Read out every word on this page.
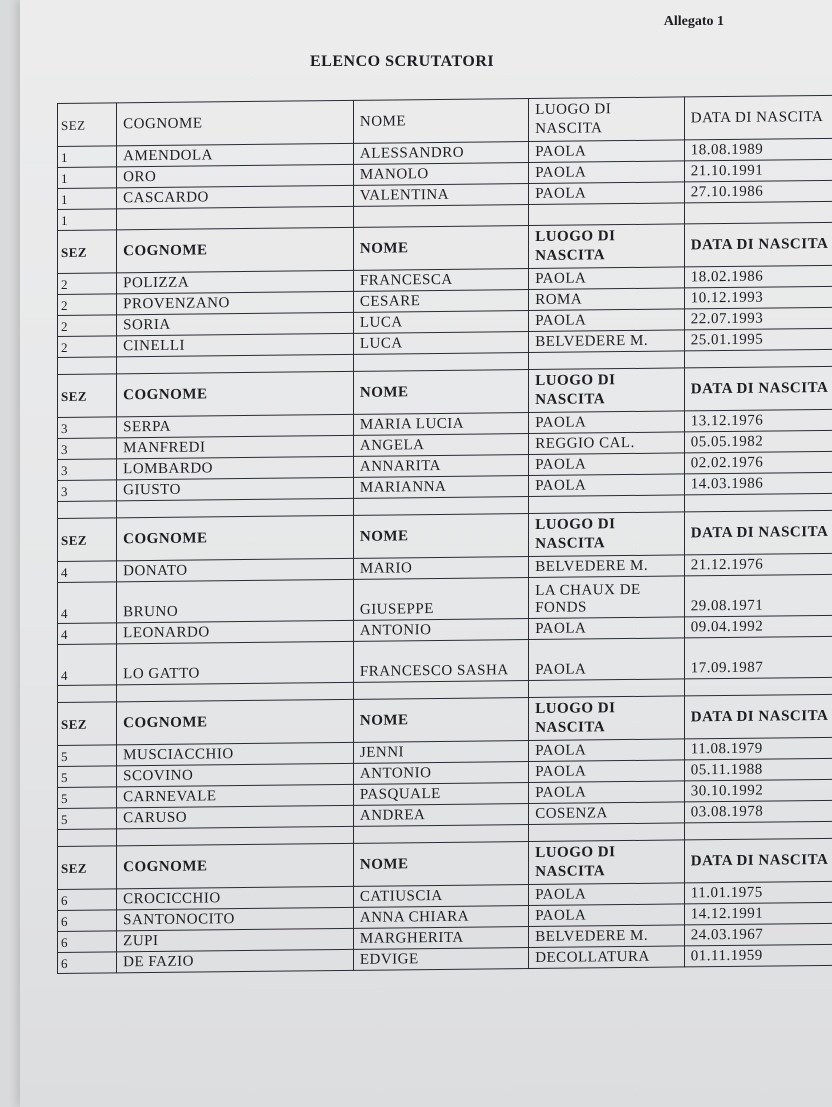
Allegato 1
ELENCO SCRUTATORI
SEZ	COGNOME	NOME	LUOGO DI NASCITA	DATA DI NASCITA
1	AMENDOLA	ALESSANDRO	PAOLA	18.08.1989
1	ORO	MANOLO	PAOLA	21.10.1991
1	CASCARDO	VALENTINA	PAOLA	27.10.1986
1				
SEZ	COGNOME	NOME	LUOGO DI NASCITA	DATA DI NASCITA
2	POLIZZA	FRANCESCA	PAOLA	18.02.1986
2	PROVENZANO	CESARE	ROMA	10.12.1993
2	SORIA	LUCA	PAOLA	22.07.1993
2	CINELLI	LUCA	BELVEDERE M.	25.01.1995

SEZ	COGNOME	NOME	LUOGO DI NASCITA	DATA DI NASCITA
3	SERPA	MARIA LUCIA	PAOLA	13.12.1976
3	MANFREDI	ANGELA	REGGIO CAL.	05.05.1982
3	LOMBARDO	ANNARITA	PAOLA	02.02.1976
3	GIUSTO	MARIANNA	PAOLA	14.03.1986

SEZ	COGNOME	NOME	LUOGO DI NASCITA	DATA DI NASCITA
4	DONATO	MARIO	BELVEDERE M.	21.12.1976
4	BRUNO	GIUSEPPE	LA CHAUX DE FONDS	29.08.1971
4	LEONARDO	ANTONIO	PAOLA	09.04.1992
4	LO GATTO	FRANCESCO SASHA	PAOLA	17.09.1987

SEZ	COGNOME	NOME	LUOGO DI NASCITA	DATA DI NASCITA
5	MUSCIACCHIO	JENNI	PAOLA	11.08.1979
5	SCOVINO	ANTONIO	PAOLA	05.11.1988
5	CARNEVALE	PASQUALE	PAOLA	30.10.1992
5	CARUSO	ANDREA	COSENZA	03.08.1978

SEZ	COGNOME	NOME	LUOGO DI NASCITA	DATA DI NASCITA
6	CROCICCHIO	CATIUSCIA	PAOLA	11.01.1975
6	SANTONOCITO	ANNA CHIARA	PAOLA	14.12.1991
6	ZUPI	MARGHERITA	BELVEDERE M.	24.03.1967
6	DE FAZIO	EDVIGE	DECOLLATURA	01.11.1959
